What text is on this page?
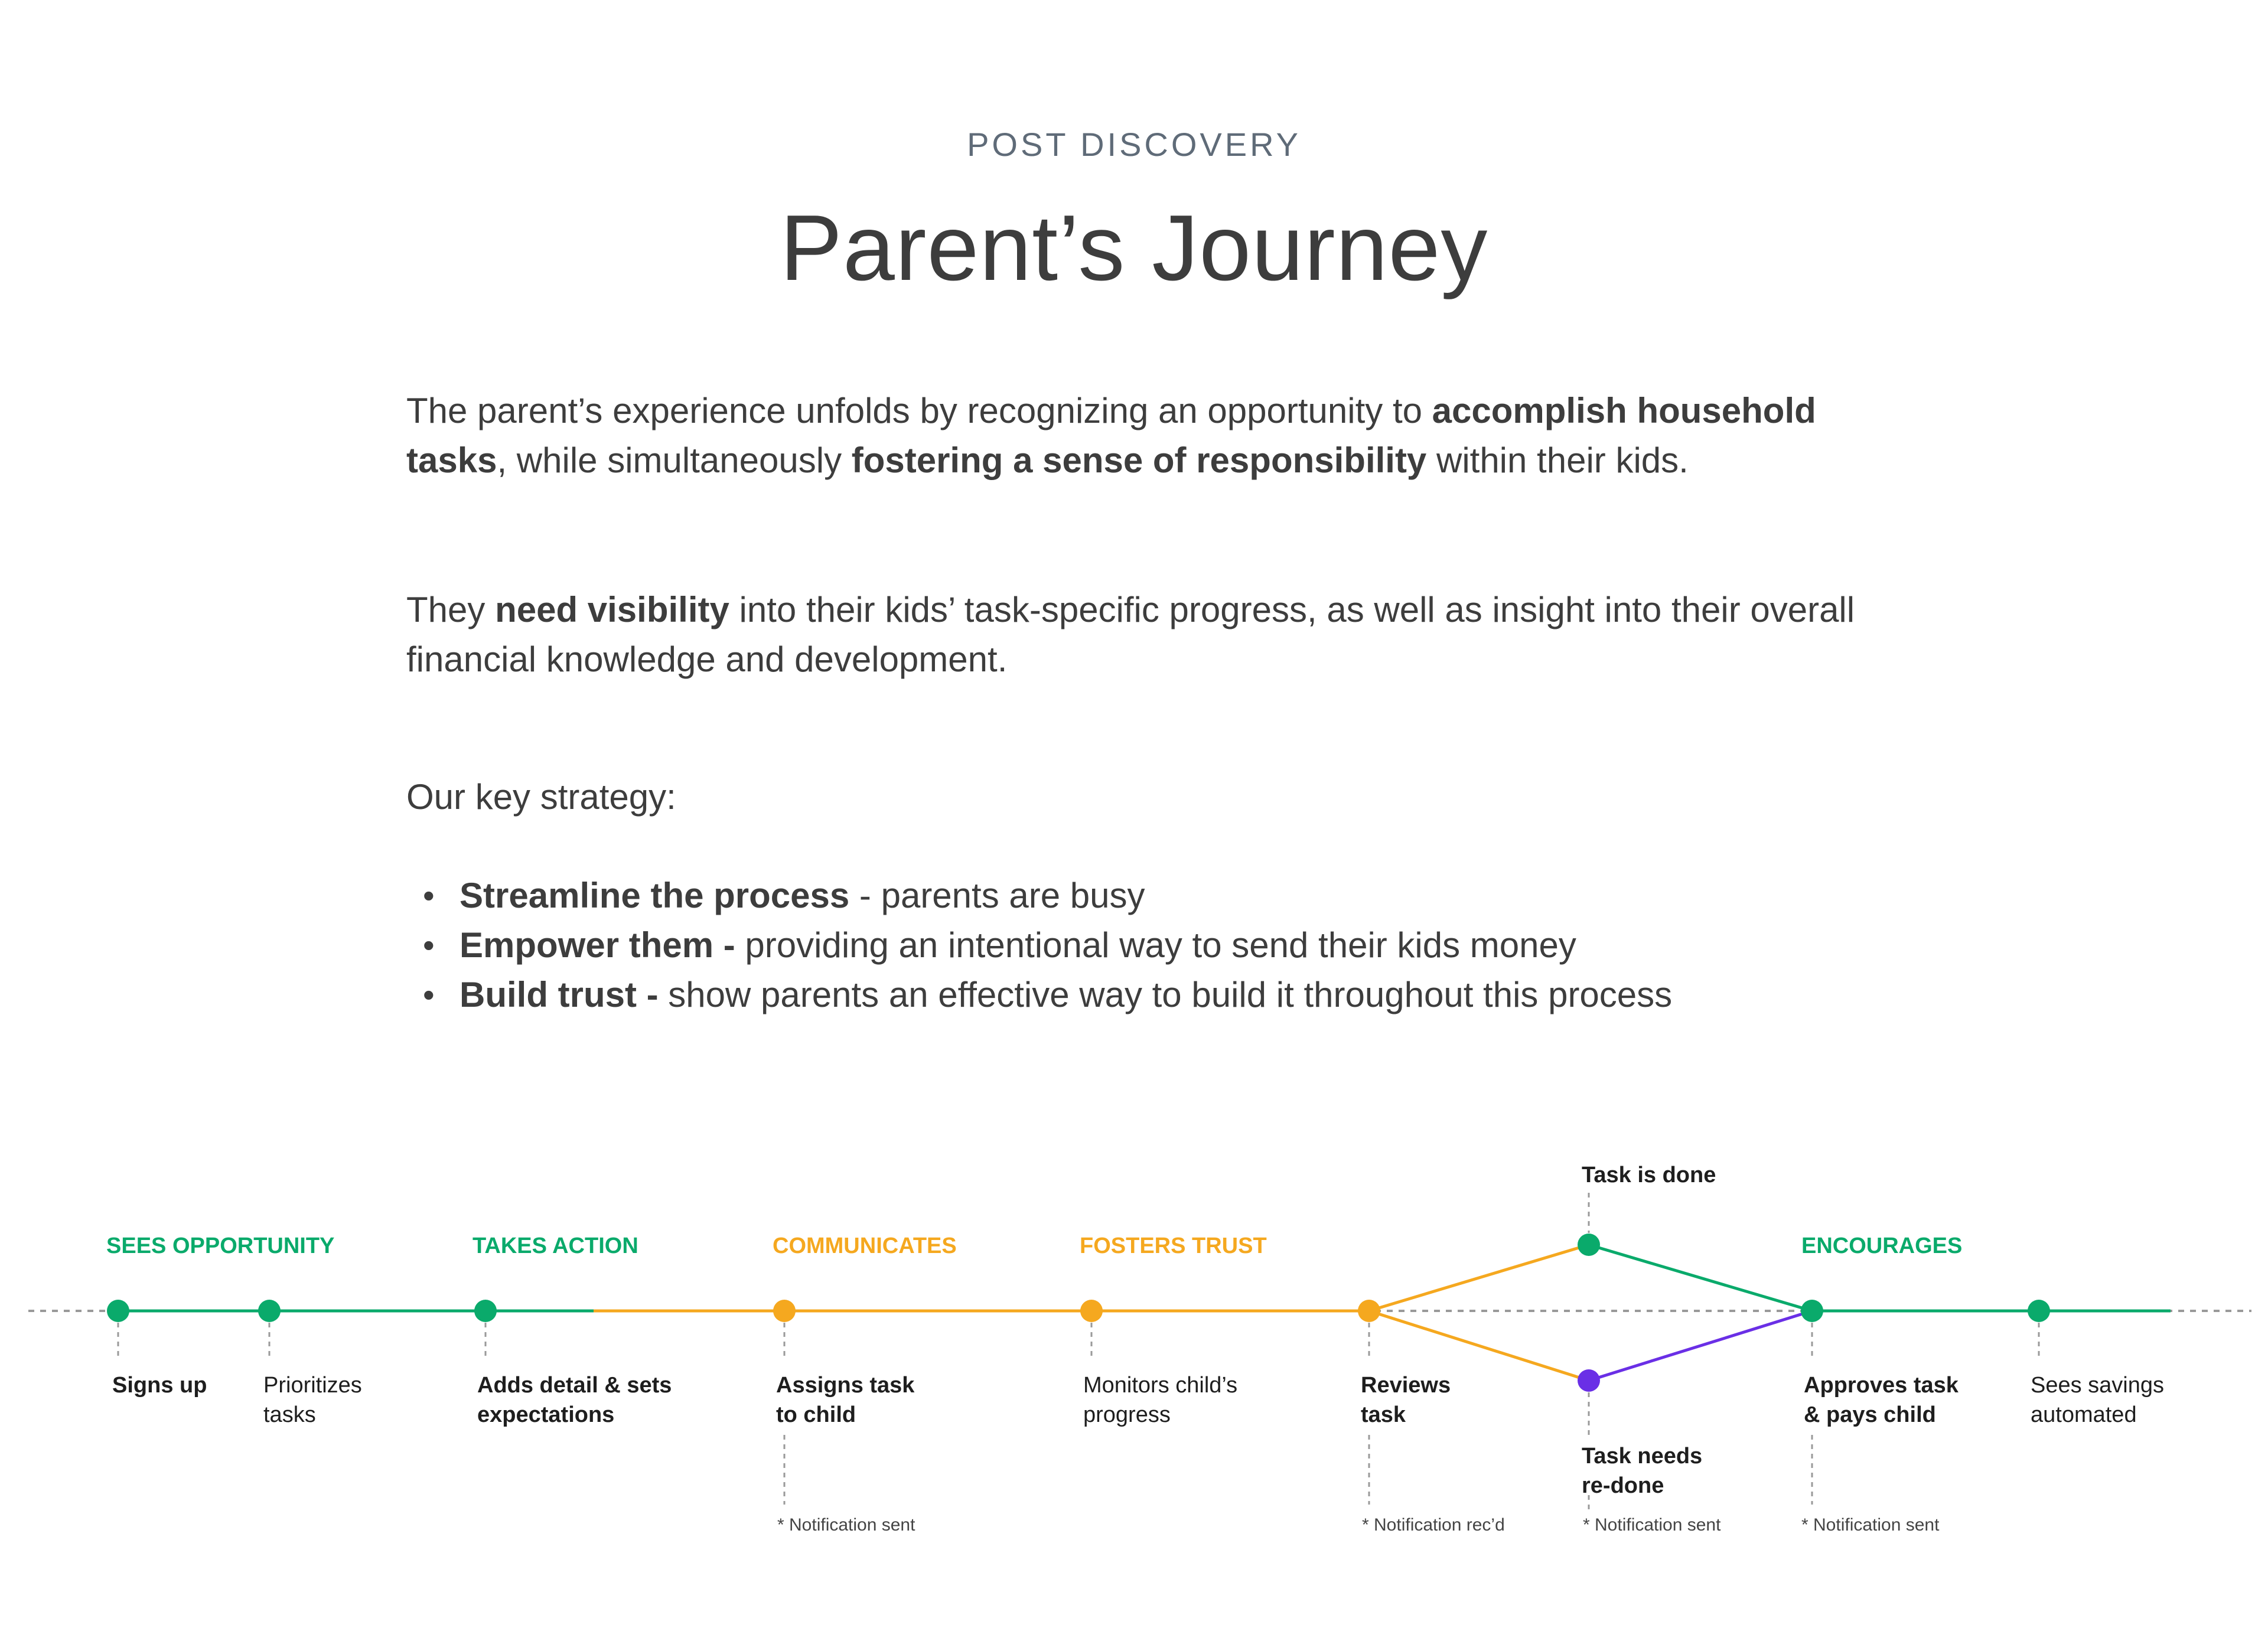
POST DISCOVERY
Parent’s Journey
The parent’s experience unfolds by recognizing an opportunity to accomplish household tasks, while simultaneously fostering a sense of responsibility within their kids.
They need visibility into their kids’ task-specific progress, as well as insight into their overall financial knowledge and development.
Our key strategy:
• Streamline the process - parents are busy
• Empower them - providing an intentional way to send their kids money
• Build trust - show parents an effective way to build it throughout this process
SEES OPPORTUNITY	TAKES ACTION	COMMUNICATES	FOSTERS TRUST	ENCOURAGES
Task is done
Task needs
re-done
Signs up	Prioritizes
tasks
Adds detail & sets
expectations
Assigns task
to child
Monitors child’s
progress
Reviews
task
Approves task
& pays child
Sees savings
automated
* Notification sent	* Notification rec’d	* Notification sent	* Notification sent
